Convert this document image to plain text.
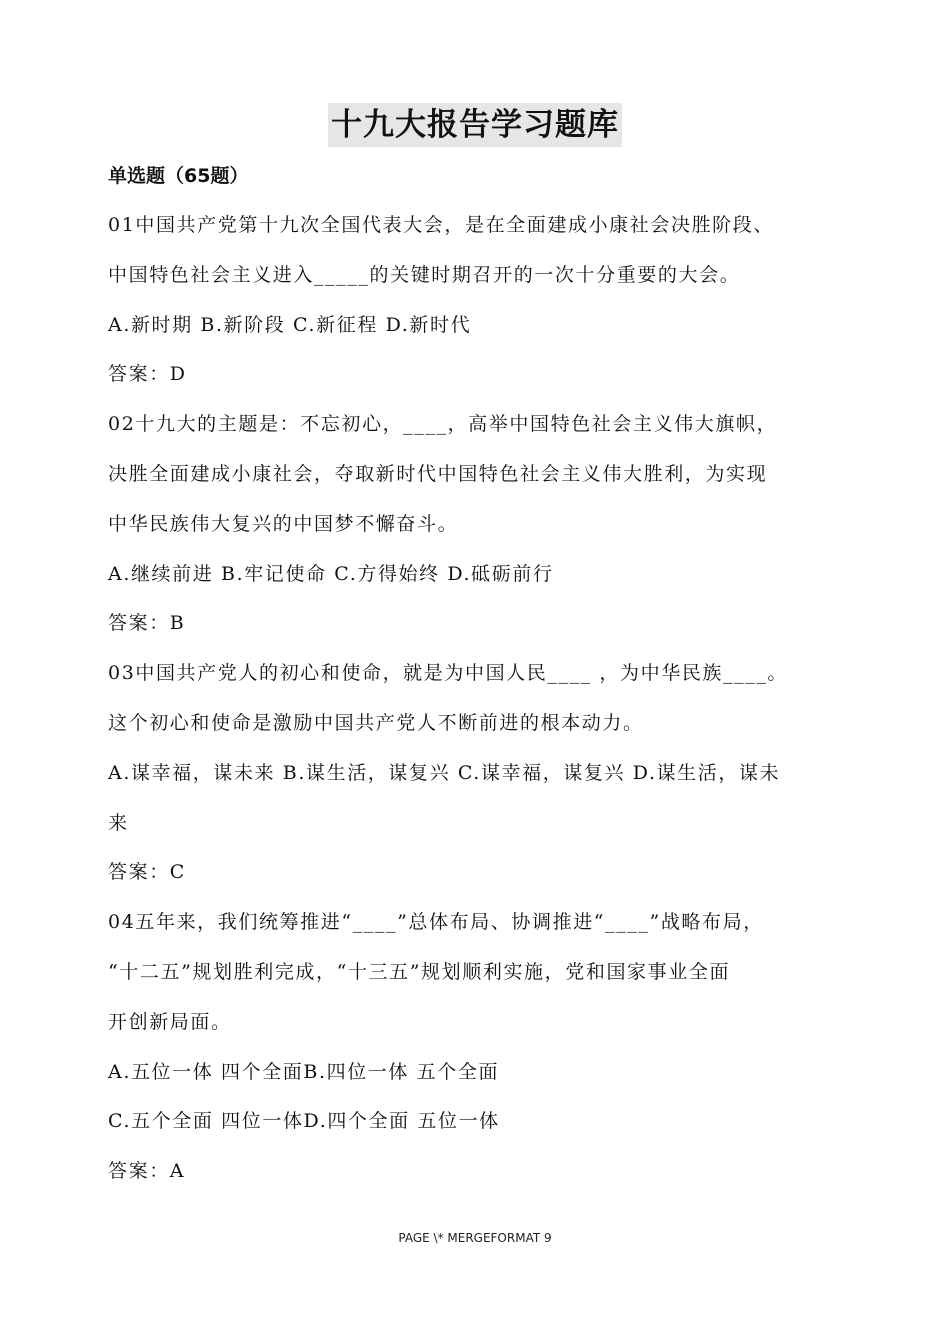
十九大报告学习题库
单选题（65题）
01中国共产党第十九次全国代表大会，是在全面建成小康社会决胜阶段、
中国特色社会主义进入_____的关键时期召开的一次十分重要的大会。
A.新时期 B.新阶段 C.新征程 D.新时代
答案：D
02十九大的主题是：不忘初心，____，高举中国特色社会主义伟大旗帜，
决胜全面建成小康社会，夺取新时代中国特色社会主义伟大胜利，为实现
中华民族伟大复兴的中国梦不懈奋斗。
A.继续前进 B.牢记使命 C.方得始终 D.砥砺前行
答案：B
03中国共产党人的初心和使命，就是为中国人民____ ，为中华民族____。
这个初心和使命是激励中国共产党人不断前进的根本动力。
A.谋幸福，谋未来 B.谋生活，谋复兴 C.谋幸福，谋复兴 D.谋生活，谋未
来
答案：C
04五年来，我们统筹推进“____”总体布局、协调推进“____”战略布局，
“十二五”规划胜利完成，“十三五”规划顺利实施，党和国家事业全面
开创新局面。
A.五位一体 四个全面B.四位一体 五个全面
C.五个全面 四位一体D.四个全面 五位一体
答案：A
PAGE \* MERGEFORMAT 9
